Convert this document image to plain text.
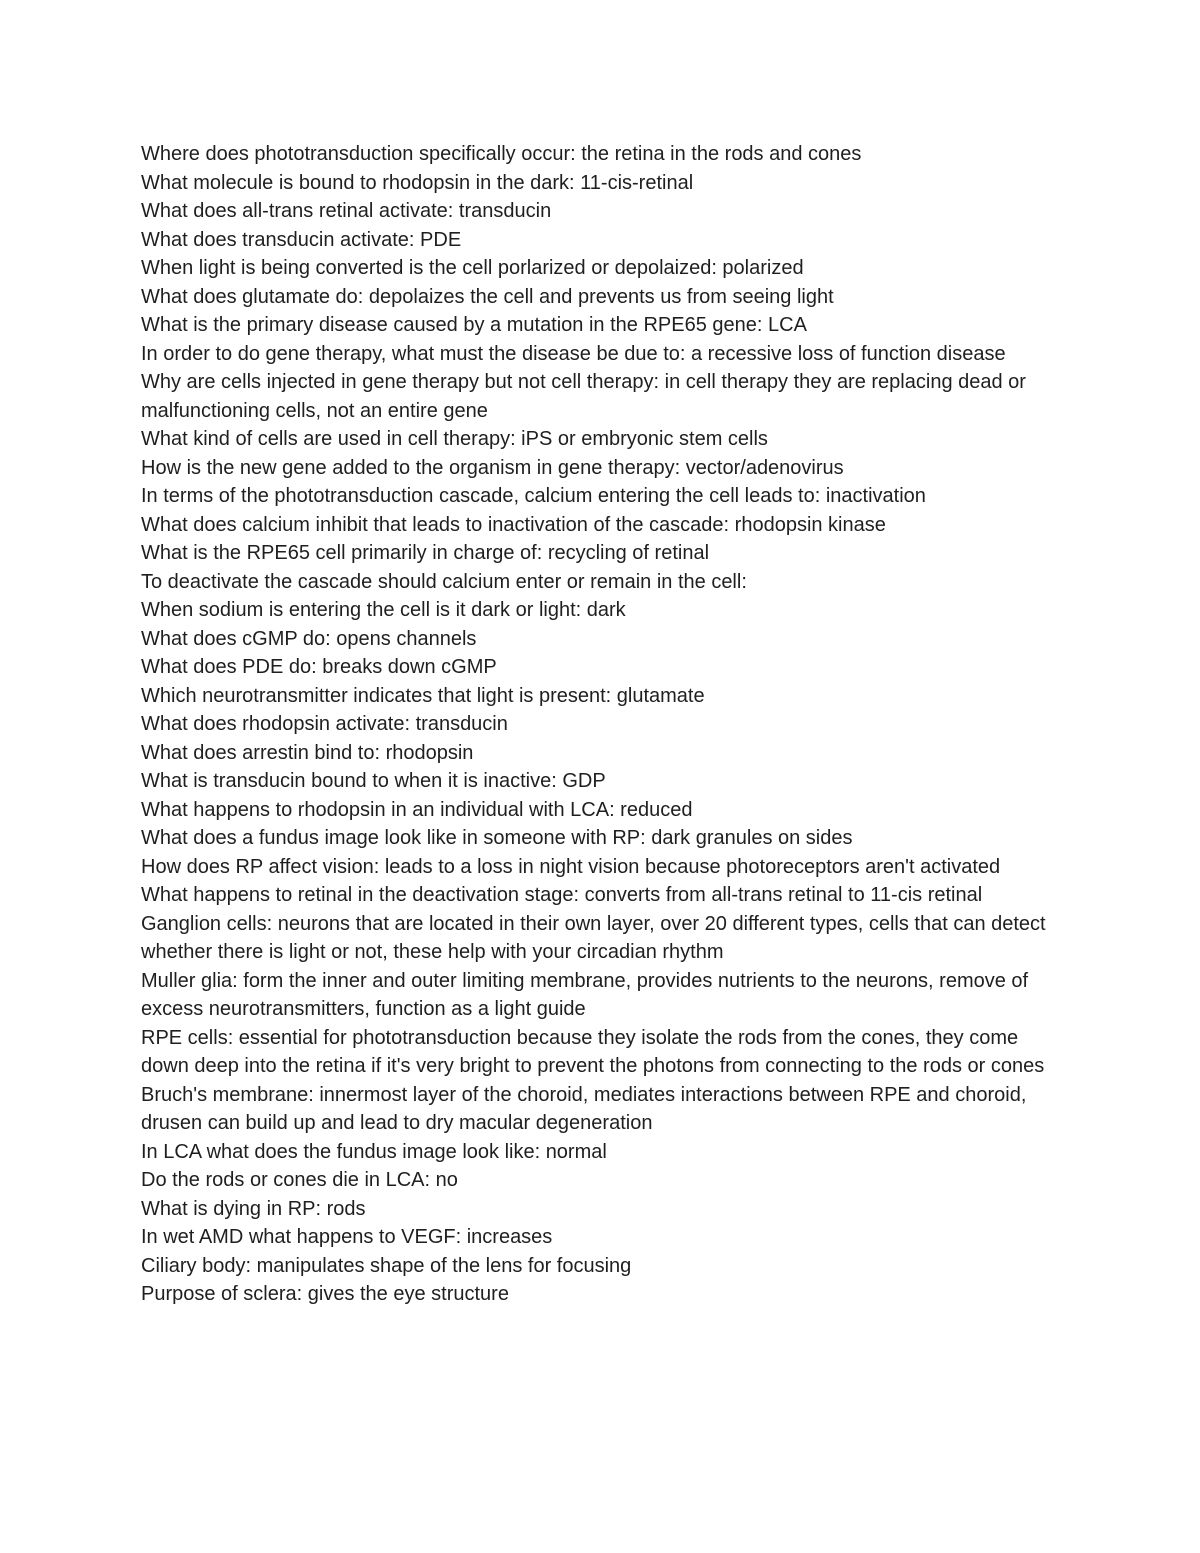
Where does phototransduction specifically occur: the retina in the rods and cones

What molecule is bound to rhodopsin in the dark: 11-cis-retinal

What does all-trans retinal activate: transducin

What does transducin activate: PDE

When light is being converted is the cell porlarized or depolaized: polarized

What does glutamate do: depolaizes the cell and prevents us from seeing light

What is the primary disease caused by a mutation in the RPE65 gene: LCA

In order to do gene therapy, what must the disease be due to: a recessive loss of function disease

Why are cells injected in gene therapy but not cell therapy: in cell therapy they are replacing dead or malfunctioning cells, not an entire gene

What kind of cells are used in cell therapy: iPS or embryonic stem cells

How is the new gene added to the organism in gene therapy: vector/adenovirus

In terms of the phototransduction cascade, calcium entering the cell leads to: inactivation

What does calcium inhibit that leads to inactivation of the cascade: rhodopsin kinase

What is the RPE65 cell primarily in charge of: recycling of retinal

To deactivate the cascade should calcium enter or remain in the cell:

When sodium is entering the cell is it dark or light: dark

What does cGMP do: opens channels

What does PDE do: breaks down cGMP

Which neurotransmitter indicates that light is present: glutamate

What does rhodopsin activate: transducin

What does arrestin bind to: rhodopsin

What is transducin bound to when it is inactive: GDP

What happens to rhodopsin in an individual with LCA: reduced

What does a fundus image look like in someone with RP: dark granules on sides

How does RP affect vision: leads to a loss in night vision because photoreceptors aren't activated

What happens to retinal in the deactivation stage: converts from all-trans retinal to 11-cis retinal

Ganglion cells: neurons that are located in their own layer, over 20 different types, cells that can detect whether there is light or not, these help with your circadian rhythm

Muller glia: form the inner and outer limiting membrane, provides nutrients to the neurons, remove of excess neurotransmitters, function as a light guide

RPE cells: essential for phototransduction because they isolate the rods from the cones, they come down deep into the retina if it's very bright to prevent the photons from connecting to the rods or cones

Bruch's membrane: innermost layer of the choroid, mediates interactions between RPE and choroid, drusen can build up and lead to dry macular degeneration

In LCA what does the fundus image look like: normal

Do the rods or cones die in LCA: no

What is dying in RP: rods

In wet AMD what happens to VEGF: increases

Ciliary body: manipulates shape of the lens for focusing

Purpose of sclera: gives the eye structure
